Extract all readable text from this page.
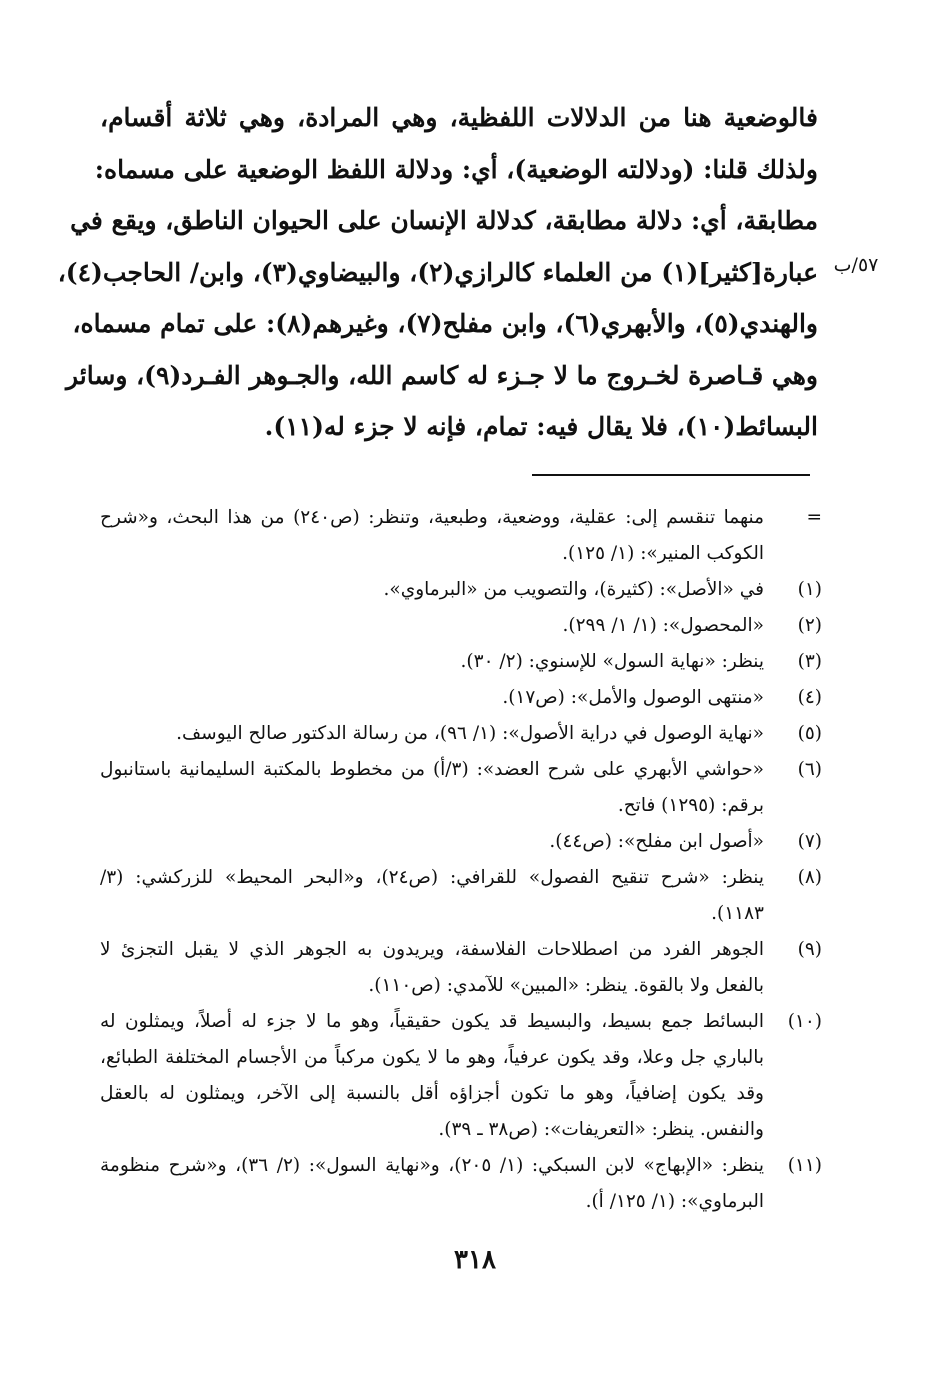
٥٧/ب
فالوضعية هنا من الدلالات اللفظية، وهي المرادة، وهي ثلاثة أقسام،
ولذلك قلنا: (ودلالته الوضعية)، أي: ودلالة اللفظ الوضعية على مسماه:
مطابقة، أي: دلالة مطابقة، كدلالة الإنسان على الحيوان الناطق، ويقع في
عبارة[كثير](١) من العلماء كالرازي(٢)، والبيضاوي(٣)، وابن/ الحاجب(٤)،
والهندي(٥)، والأبهري(٦)، وابن مفلح(٧)، وغيرهم(٨): على تمام مسماه،
وهي قـاصرة لخـروج ما لا جـزء له كاسم الله، والجـوهر الفـرد(٩)، وسائر
البسائط(١٠)، فلا يقال فيه: تمام، فإنه لا جزء له(١١).

=
منهما تنقسم إلى: عقلية، ووضعية، وطبعية، وتنظر: (ص٢٤٠) من هذا البحث، و«شرح الكوكب المنير»: (١/ ١٢٥).

(١)
في «الأصل»: (كثيرة)، والتصويب من «البرماوي».

(٢)
«المحصول»: (١/ ١/ ٢٩٩).

(٣)
ينظر: «نهاية السول» للإسنوي: (٢/ ٣٠).

(٤)
«منتهى الوصول والأمل»: (ص١٧).

(٥)
«نهاية الوصول في دراية الأصول»: (١/ ٩٦)، من رسالة الدكتور صالح اليوسف.

(٦)
«حواشي الأبهري على شرح العضد»: (٣/أ) من مخطوط بالمكتبة السليمانية باستانبول برقم: (١٢٩٥) فاتح.

(٧)
«أصول ابن مفلح»: (ص٤٤).

(٨)
ينظر: «شرح تنقيح الفصول» للقرافي: (ص٢٤)، و«البحر المحيط» للزركشي: (٣/ ١١٨٣).

(٩)
الجوهر الفرد من اصطلاحات الفلاسفة، ويريدون به الجوهر الذي لا يقبل التجزئ لا بالفعل ولا بالقوة. ينظر: «المبين» للآمدي: (ص١١٠).

(١٠)
البسائط جمع بسيط، والبسيط قد يكون حقيقياً، وهو ما لا جزء له أصلاً، ويمثلون له بالباري جل وعلا، وقد يكون عرفياً، وهو ما لا يكون مركباً من الأجسام المختلفة الطبائع، وقد يكون إضافياً، وهو ما تكون أجزاؤه أقل بالنسبة إلى الآخر، ويمثلون له بالعقل والنفس. ينظر: «التعريفات»: (ص٣٨ ـ ٣٩).

(١١)
ينظر: «الإبهاج» لابن السبكي: (١/ ٢٠٥)، و«نهاية السول»: (٢/ ٣٦)، و«شرح منظومة البرماوي»: (١/ ١٢٥/ أ).

٣١٨
